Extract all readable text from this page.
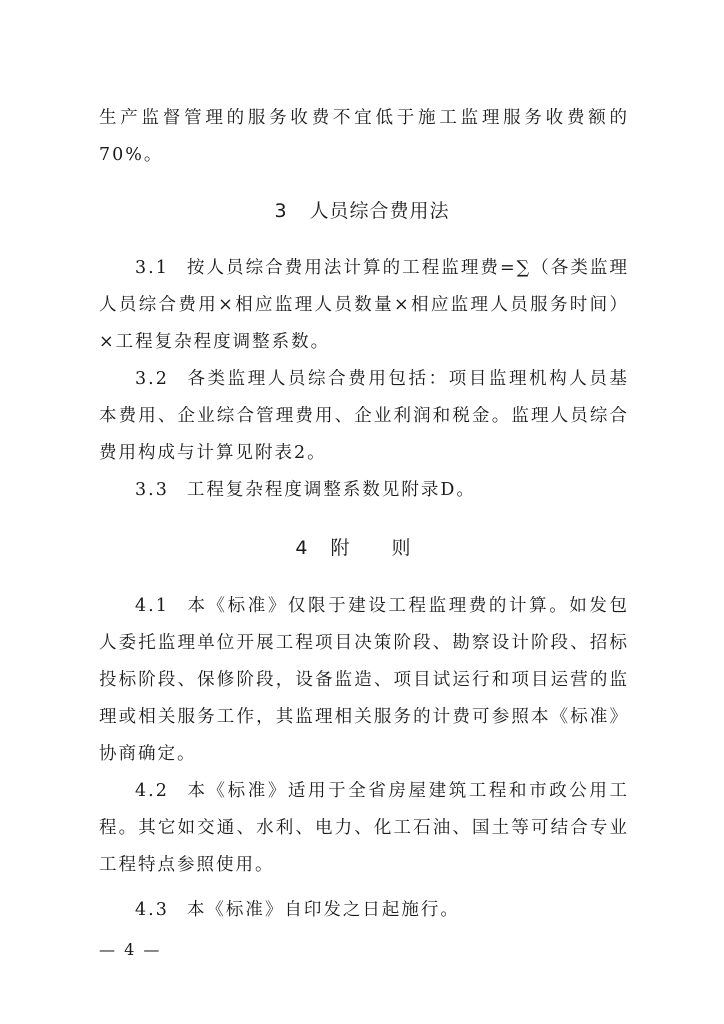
生产监督管理的服务收费不宜低于施工监理服务收费额的70%。
3 人员综合费用法
3.1 按人员综合费用法计算的工程监理费=∑（各类监理人员综合费用×相应监理人员数量×相应监理人员服务时间）×工程复杂程度调整系数。
3.2 各类监理人员综合费用包括：项目监理机构人员基本费用、企业综合管理费用、企业利润和税金。监理人员综合费用构成与计算见附表2。
3.3 工程复杂程度调整系数见附录D。
4 附 则
4.1 本《标准》仅限于建设工程监理费的计算。如发包人委托监理单位开展工程项目决策阶段、勘察设计阶段、招标投标阶段、保修阶段，设备监造、项目试运行和项目运营的监理或相关服务工作，其监理相关服务的计费可参照本《标准》协商确定。
4.2 本《标准》适用于全省房屋建筑工程和市政公用工程。其它如交通、水利、电力、化工石油、国土等可结合专业工程特点参照使用。
4.3 本《标准》自印发之日起施行。
— 4 —
